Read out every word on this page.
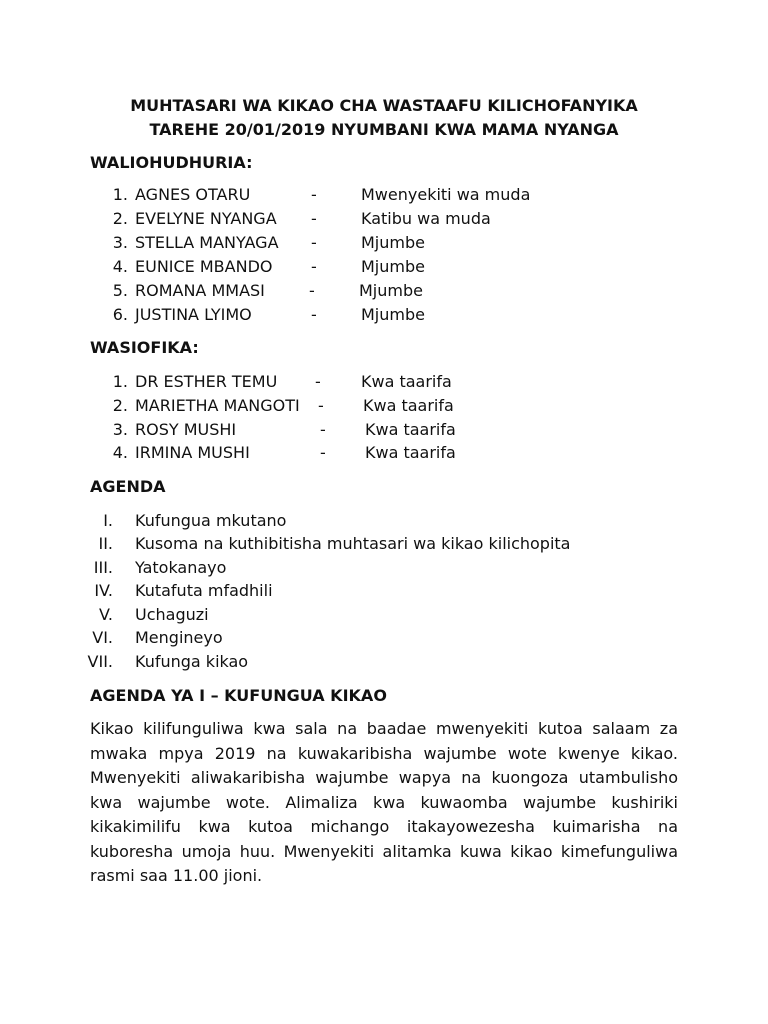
MUHTASARI WA KIKAO CHA WASTAAFU KILICHOFANYIKA
TAREHE 20/01/2019 NYUMBANI KWA MAMA NYANGA
WALIOHUDHURIA:
1. AGNES OTARU	-	Mwenyekiti wa muda
2. EVELYNE NYANGA -	Katibu wa muda
3. STELLA MANYAGA -	Mjumbe
4. EUNICE MBANDO -	Mjumbe
5. ROMANA MMASI	-	Mjumbe
6. JUSTINA LYIMO	-	Mjumbe
WASIOFIKA:
1. DR ESTHER TEMU -	Kwa taarifa
2. MARIETHA MANGOTI - Kwa taarifa
3. ROSY MUSHI	- Kwa taarifa
4. IRMINA MUSHI	- Kwa taarifa
AGENDA
I. Kufungua mkutano
II. Kusoma na kuthibitisha muhtasari wa kikao kilichopita
III. Yatokanayo
IV. Kutafuta mfadhili
V. Uchaguzi
VI. Mengineyo
VII. Kufunga kikao
AGENDA YA I – KUFUNGUA KIKAO
Kikao kilifunguliwa kwa sala na baadae mwenyekiti kutoa salaam za mwaka mpya 2019 na kuwakaribisha wajumbe wote kwenye kikao. Mwenyekiti aliwakaribisha wajumbe wapya na kuongoza utambulisho kwa wajumbe wote. Alimaliza kwa kuwaomba wajumbe kushiriki kikakimilifu kwa kutoa michango itakayowezesha kuimarisha na kuboresha umoja huu. Mwenyekiti alitamka kuwa kikao kimefunguliwa rasmi saa 11.00 jioni.
